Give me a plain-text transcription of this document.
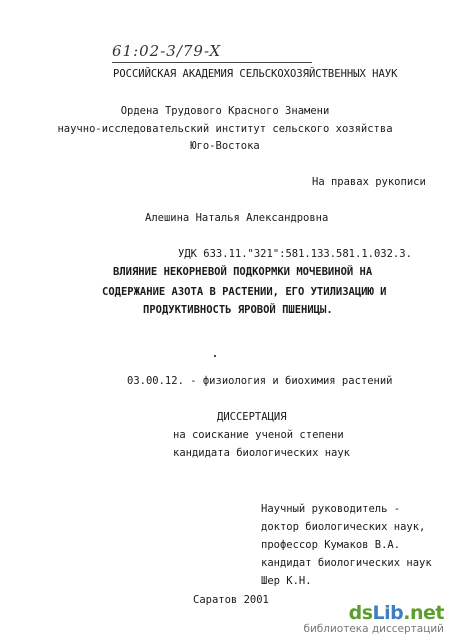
61:02-3/79-X
РОССИЙСКАЯ АКАДЕМИЯ СЕЛЬСКОХОЗЯЙСТВЕННЫХ НАУК
Ордена Трудового Красного Знамени
научно-исследовательский институт сельского хозяйства
Юго-Востока
На правах рукописи
Алешина Наталья Александровна
УДК 633.11."321":581.133.581.1.032.3.
ВЛИЯНИЕ НЕКОРНЕВОЙ ПОДКОРМКИ МОЧЕВИНОЙ НА
СОДЕРЖАНИЕ АЗОТА В РАСТЕНИИ, ЕГО УТИЛИЗАЦИЮ И
ПРОДУКТИВНОСТЬ ЯРОВОЙ ПШЕНИЦЫ.
03.00.12. - физиология и биохимия растений
ДИССЕРТАЦИЯ
на соискание ученой степени
кандидата биологических наук
Научный руководитель -
доктор биологических наук,
профессор Кумаков В.А.
кандидат биологических наук
Шер К.Н.
Саратов 2001
dsLib.net
библиотека диссертаций
